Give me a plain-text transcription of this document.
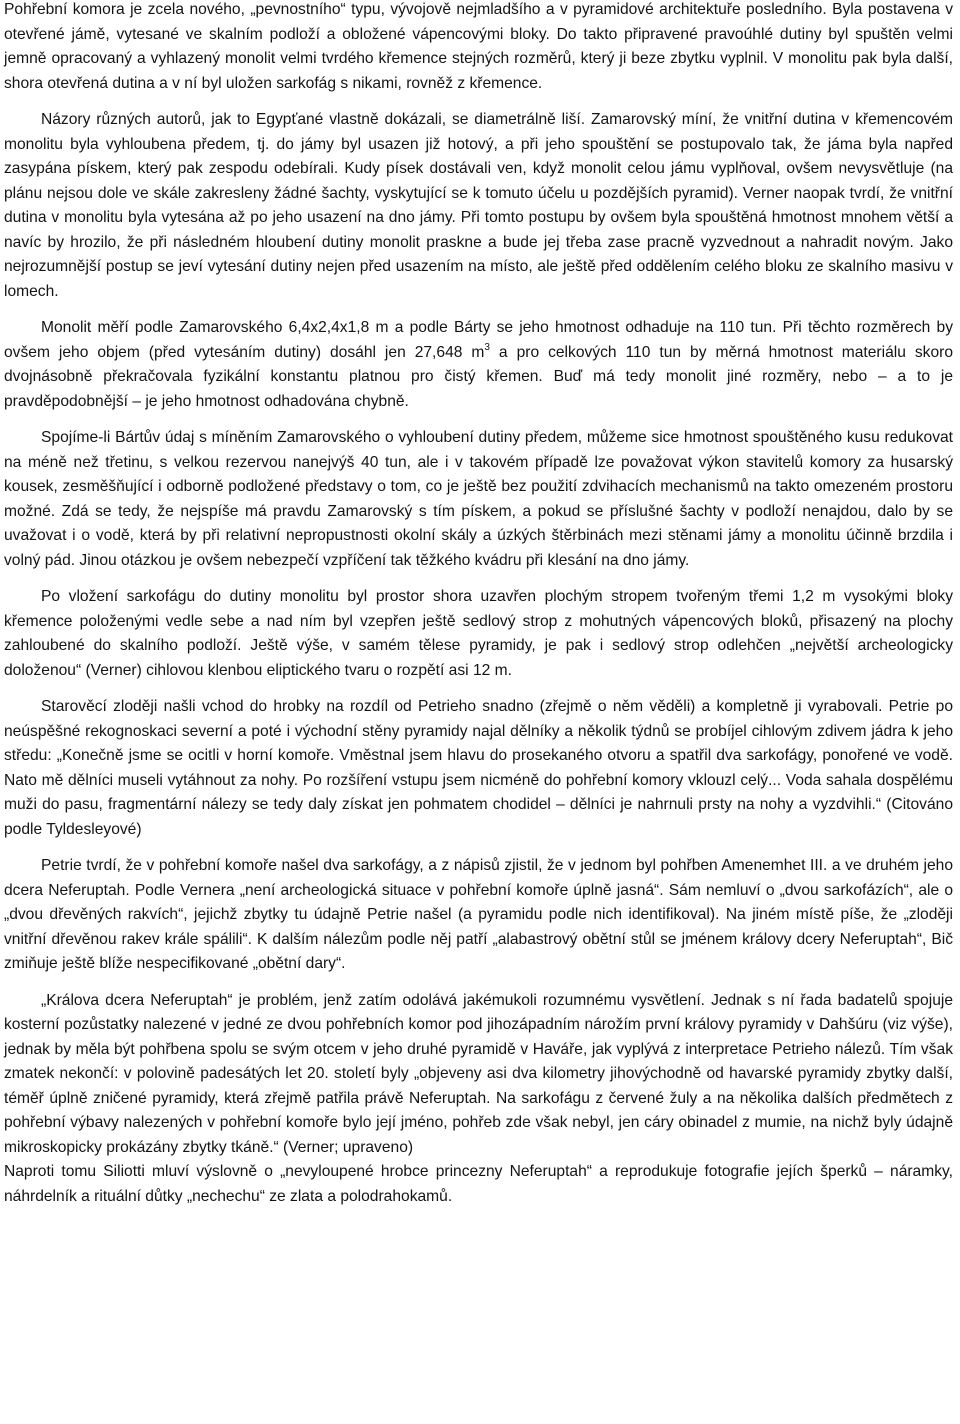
Pohřební komora je zcela nového, „pevnostního“ typu, vývojově nejmladšího a v pyramidové architektuře posledního. Byla postavena v otevřené jámě, vytesané ve skalním podloží a obložené vápencovými bloky. Do takto připravené pravoúhlé dutiny byl spuštěn velmi jemně opracovaný a vyhlazený monolit velmi tvrdého křemence stejných rozměrů, který ji beze zbytku vyplnil. V monolitu pak byla další, shora otevřená dutina a v ní byl uložen sarkofág s nikami, rovněž z křemence.

Názory různých autorů, jak to Egypťané vlastně dokázali, se diametrálně liší. Zamarovský míní, že vnitřní dutina v křemencovém monolitu byla vyhloubena předem, tj. do jámy byl usazen již hotový, a při jeho spouštění se postupovalo tak, že jáma byla napřed zasypána pískem, který pak zespodu odebírali. Kudy písek dostávali ven, když monolit celou jámu vyplňoval, ovšem nevysvětluje (na plánu nejsou dole ve skále zakresleny žádné šachty, vyskytující se k tomuto účelu u pozdějších pyramid). Verner naopak tvrdí, že vnitřní dutina v monolitu byla vytesána až po jeho usazení na dno jámy. Při tomto postupu by ovšem byla spouštěná hmotnost mnohem větší a navíc by hrozilo, že při následném hloubení dutiny monolit praskne a bude jej třeba zase pracně vyzvednout a nahradit novým. Jako nejrozumnější postup se jeví vytesání dutiny nejen před usazením na místo, ale ještě před oddělením celého bloku ze skalního masivu v lomech.

Monolit měří podle Zamarovského 6,4x2,4x1,8 m a podle Bárty se jeho hmotnost odhaduje na 110 tun. Při těchto rozměrech by ovšem jeho objem (před vytesáním dutiny) dosáhl jen 27,648 $m^3$ a pro celkových 110 tun by měrná hmotnost materiálu skoro dvojnásobně překračovala fyzikální konstantu platnou pro čistý křemen. Buď má tedy monolit jiné rozměry, nebo – a to je pravděpodobnější – je jeho hmotnost odhadována chybně.

Spojíme-li Bártův údaj s míněním Zamarovského o vyhloubení dutiny předem, můžeme sice hmotnost spouštěného kusu redukovat na méně než třetinu, s velkou rezervou nanejvýš 40 tun, ale i v takovém případě lze považovat výkon stavitelů komory za husarský kousek, zesměšňující i odborně podložené představy o tom, co je ještě bez použití zdvihacích mechanismů na takto omezeném prostoru možné. Zdá se tedy, že nejspíše má pravdu Zamarovský s tím pískem, a pokud se příslušné šachty v podloží nenajdou, dalo by se uvažovat i o vodě, která by při relativní nepropustnosti okolní skály a úzkých štěrbinách mezi stěnami jámy a monolitu účinně brzdila i volný pád. Jinou otázkou je ovšem nebezpečí vzpříčení tak těžkého kvádru při klesání na dno jámy.

Po vložení sarkofágu do dutiny monolitu byl prostor shora uzavřen plochým stropem tvořeným třemi 1,2 m vysokými bloky křemence položenými vedle sebe a nad ním byl vzepřen ještě sedlový strop z mohutných vápencových bloků, přisazený na plochy zahloubené do skalního podloží. Ještě výše, v samém tělese pyramidy, je pak i sedlový strop odlehčen „největší archeologicky doloženou“ (Verner) cihlovou klenbou eliptického tvaru o rozpětí asi 12 m.

Starověcí zloději našli vchod do hrobky na rozdíl od Petrieho snadno (zřejmě o něm věděli) a kompletně ji vyrabovali. Petrie po neúspěšné rekognoskaci severní a poté i východní stěny pyramidy najal dělníky a několik týdnů se probíjel cihlovým zdivem jádra k jeho středu: „Konečně jsme se ocitli v horní komoře. Vměstnal jsem hlavu do prosekaného otvoru a spatřil dva sarkofágy, ponořené ve vodě. Nato mě dělníci museli vytáhnout za nohy. Po rozšíření vstupu jsem nicméně do pohřební komory vklouzl celý... Voda sahala dospělému muži do pasu, fragmentární nálezy se tedy daly získat jen pohmatem chodidel – dělníci je nahrnuli prsty na nohy a vyzdvihli.“ (Citováno podle Tyldesleyové)

Petrie tvrdí, že v pohřební komoře našel dva sarkofágy, a z nápisů zjistil, že v jednom byl pohřben Amenemhet III. a ve druhém jeho dcera Neferuptah. Podle Vernera „není archeologická situace v pohřební komoře úplně jasná“. Sám nemluví o „dvou sarkofázích“, ale o „dvou dřevěných rakvích“, jejichž zbytky tu údajně Petrie našel (a pyramidu podle nich identifikoval). Na jiném místě píše, že „zloději vnitřní dřevěnou rakev krále spálili“. K dalším nálezům podle něj patří „alabastrový obětní stůl se jménem královy dcery Neferuptah“, Bič zmiňuje ještě blíže nespecifikované „obětní dary“.

„Králova dcera Neferuptah“ je problém, jenž zatím odolává jakémukoli rozumnému vysvětlení. Jednak s ní řada badatelů spojuje kosterní pozůstatky nalezené v jedné ze dvou pohřebních komor pod jihozápadním nárožím první královy pyramidy v Dahšúru (viz výše), jednak by měla být pohřbena spolu se svým otcem v jeho druhé pyramidě v Haváře, jak vyplývá z interpretace Petrieho nálezů. Tím však zmatek nekončí: v polovině padesátých let 20. století byly „objeveny asi dva kilometry jihovýchodně od havarské pyramidy zbytky další, téměř úplně zničené pyramidy, která zřejmě patřila právě Neferuptah. Na sarkofágu z červené žuly a na několika dalších předmětech z pohřební výbavy nalezených v pohřební komoře bylo její jméno, pohřeb zde však nebyl, jen cáry obinadel z mumie, na nichž byly údajně mikroskopicky prokázány zbytky tkáně.“ (Verner; upraveno)

Naproti tomu Siliotti mluví výslovně o „nevyloupené hrobce princezny Neferuptah“ a reprodukuje fotografie jejích šperků – náramky, náhrdelník a rituální důtky „nechechu“ ze zlata a polodrahokamů.
